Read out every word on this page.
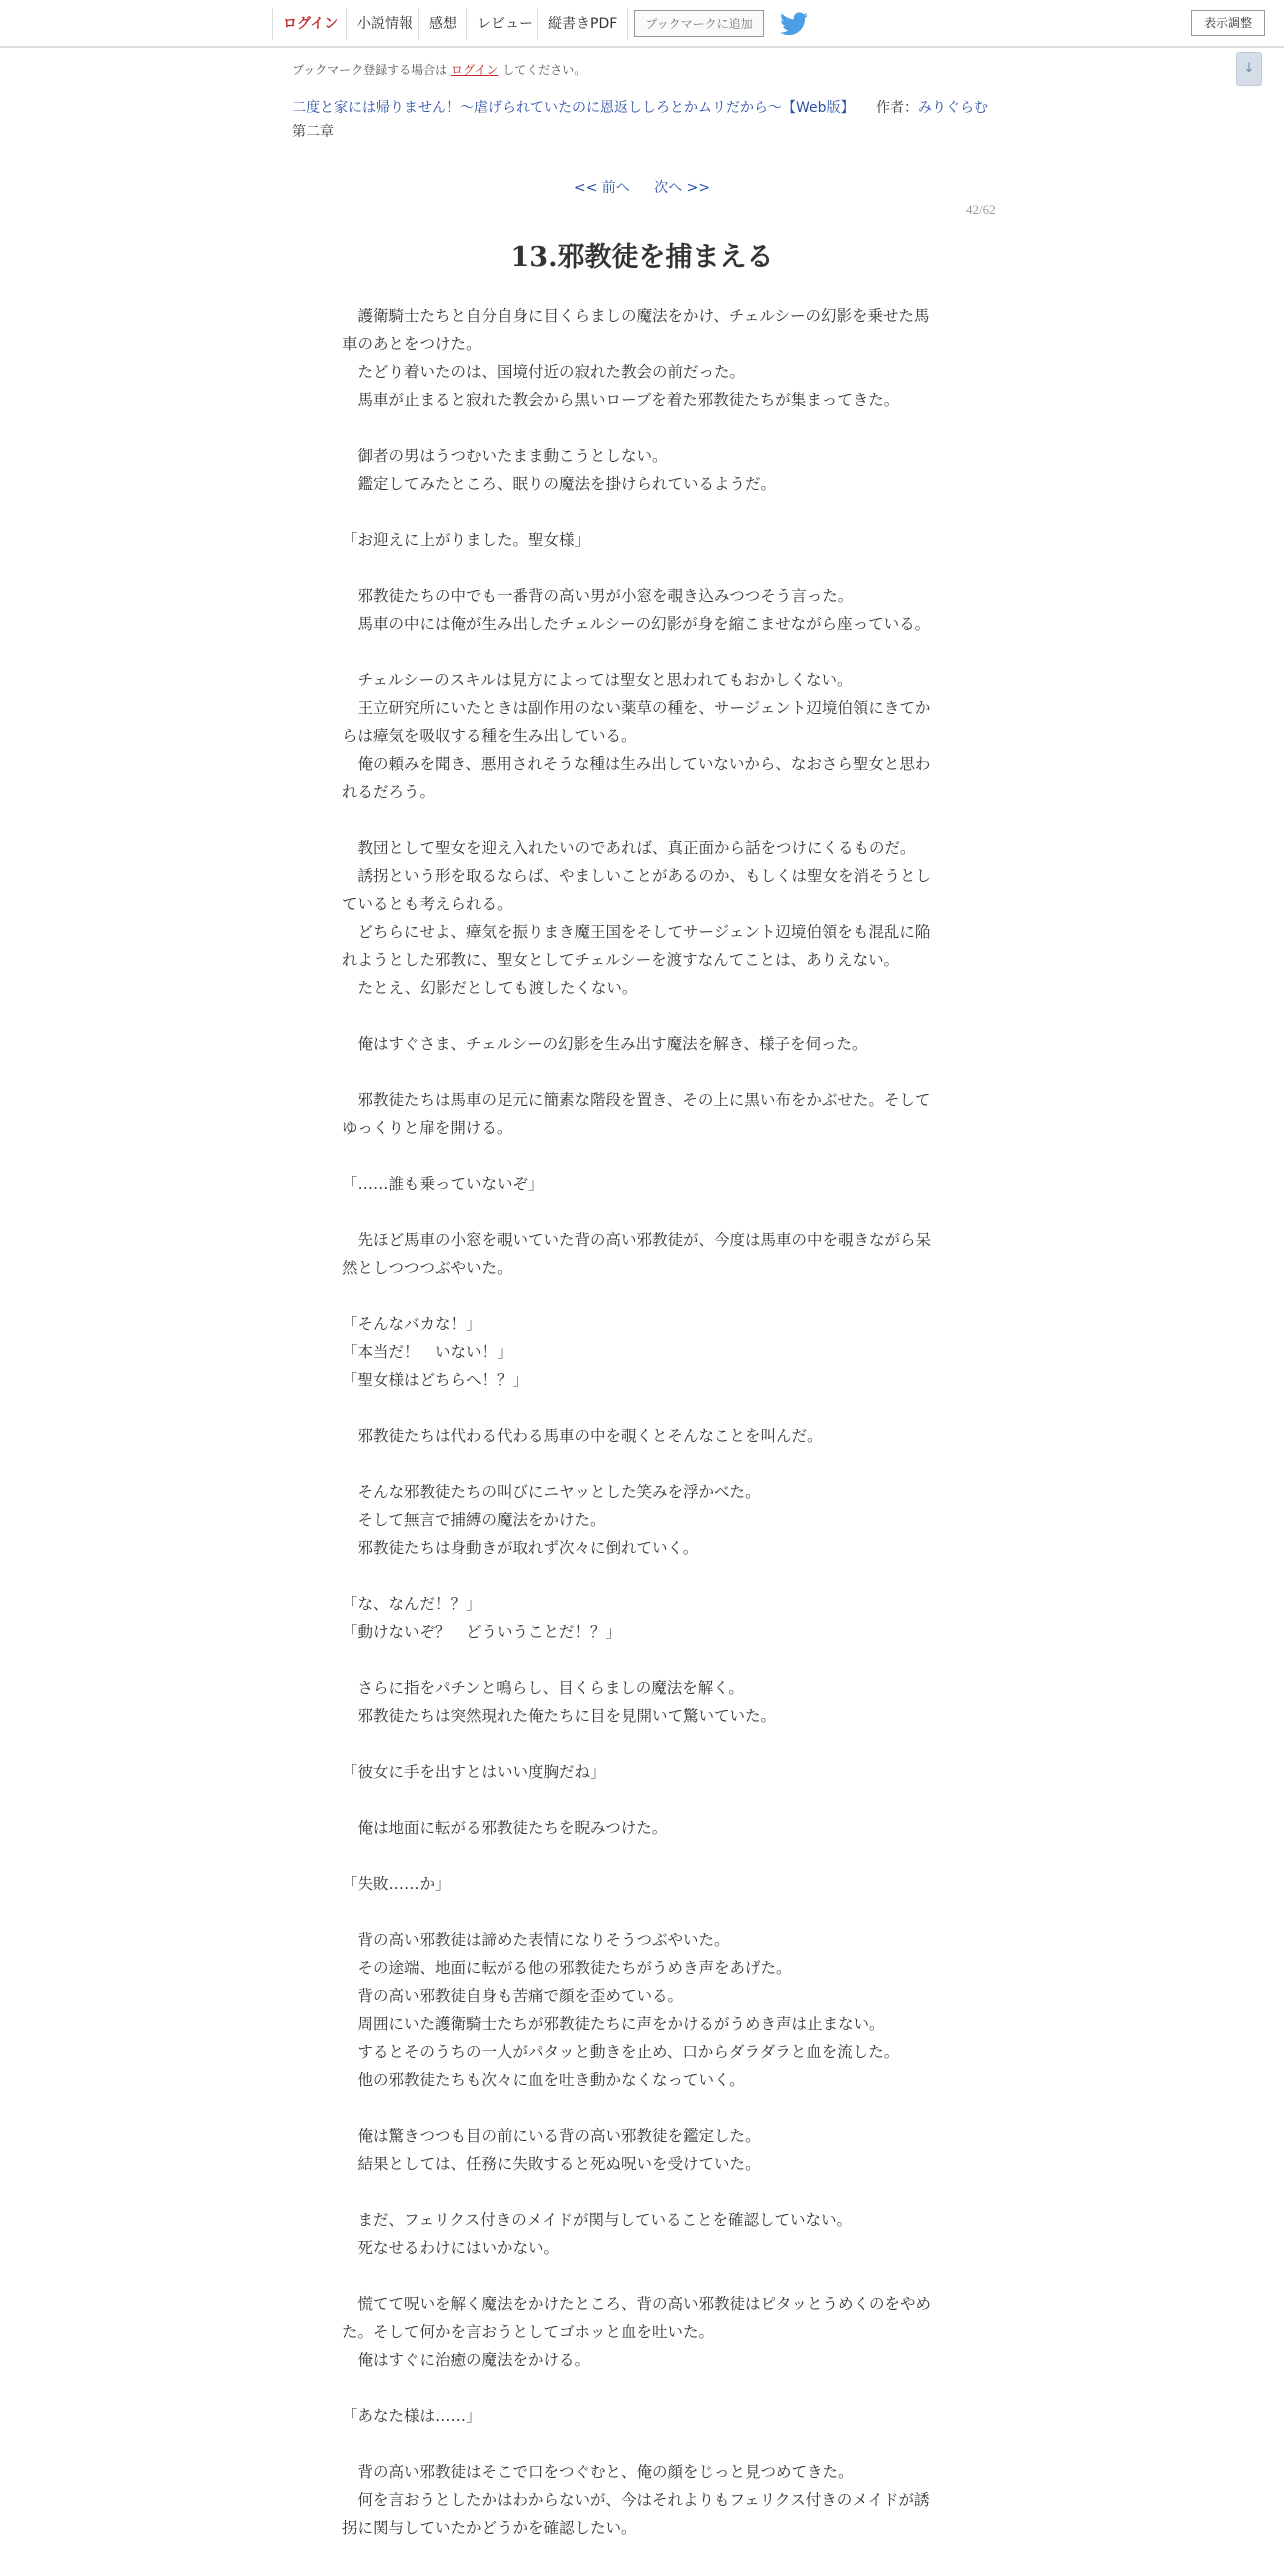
ログイン	小説情報	感想	レビュー	縦書きPDF	ブックマークに追加	表示調整
↓
ブックマーク登録する場合は ログイン してください。
二度と家には帰りません！～虐げられていたのに恩返ししろとかムリだから～【Web版】 作者：みりぐらむ
第二章
<< 前へ 次へ >>
42/62
13.邪教徒を捕まえる

　護衛騎士たちと自分自身に目くらましの魔法をかけ、チェルシーの幻影を乗せた馬車のあとをつけた。

　たどり着いたのは、国境付近の寂れた教会の前だった。

　馬車が止まると寂れた教会から黒いローブを着た邪教徒たちが集まってきた。

　御者の男はうつむいたまま動こうとしない。

　鑑定してみたところ、眠りの魔法を掛けられているようだ。

「お迎えに上がりました。聖女様」

　邪教徒たちの中でも一番背の高い男が小窓を覗き込みつつそう言った。

　馬車の中には俺が生み出したチェルシーの幻影が身を縮こませながら座っている。

　チェルシーのスキルは見方によっては聖女と思われてもおかしくない。

　王立研究所にいたときは副作用のない薬草の種を、サージェント辺境伯領にきてからは瘴気を吸収する種を生み出している。

　俺の頼みを聞き、悪用されそうな種は生み出していないから、なおさら聖女と思われるだろう。

　教団として聖女を迎え入れたいのであれば、真正面から話をつけにくるものだ。

　誘拐という形を取るならば、やましいことがあるのか、もしくは聖女を消そうとしているとも考えられる。

　どちらにせよ、瘴気を振りまき魔王国をそしてサージェント辺境伯領をも混乱に陥れようとした邪教に、聖女としてチェルシーを渡すなんてことは、ありえない。

　たとえ、幻影だとしても渡したくない。

　俺はすぐさま、チェルシーの幻影を生み出す魔法を解き、様子を伺った。

　邪教徒たちは馬車の足元に簡素な階段を置き、その上に黒い布をかぶせた。そしてゆっくりと扉を開ける。

「……誰も乗っていないぞ」

　先ほど馬車の小窓を覗いていた背の高い邪教徒が、今度は馬車の中を覗きながら呆然としつつつぶやいた。

「そんなバカな！」

「本当だ！　いない！」

「聖女様はどちらへ！？」

　邪教徒たちは代わる代わる馬車の中を覗くとそんなことを叫んだ。

　そんな邪教徒たちの叫びにニヤッとした笑みを浮かべた。

　そして無言で捕縛の魔法をかけた。

　邪教徒たちは身動きが取れず次々に倒れていく。

「な、なんだ！？」

「動けないぞ？　どういうことだ！？」

　さらに指をパチンと鳴らし、目くらましの魔法を解く。

　邪教徒たちは突然現れた俺たちに目を見開いて驚いていた。

「彼女に手を出すとはいい度胸だね」

　俺は地面に転がる邪教徒たちを睨みつけた。

「失敗……か」

　背の高い邪教徒は諦めた表情になりそうつぶやいた。

　その途端、地面に転がる他の邪教徒たちがうめき声をあげた。

　背の高い邪教徒自身も苦痛で顔を歪めている。

　周囲にいた護衛騎士たちが邪教徒たちに声をかけるがうめき声は止まない。

　するとそのうちの一人がパタッと動きを止め、口からダラダラと血を流した。

　他の邪教徒たちも次々に血を吐き動かなくなっていく。

　俺は驚きつつも目の前にいる背の高い邪教徒を鑑定した。

　結果としては、任務に失敗すると死ぬ呪いを受けていた。

　まだ、フェリクス付きのメイドが関与していることを確認していない。

　死なせるわけにはいかない。

　慌てて呪いを解く魔法をかけたところ、背の高い邪教徒はピタッとうめくのをやめた。そして何かを言おうとしてゴホッと血を吐いた。

　俺はすぐに治癒の魔法をかける。

「あなた様は……」

　背の高い邪教徒はそこで口をつぐむと、俺の顔をじっと見つめてきた。

　何を言おうとしたかはわからないが、今はそれよりもフェリクス付きのメイドが誘拐に関与していたかどうかを確認したい。
